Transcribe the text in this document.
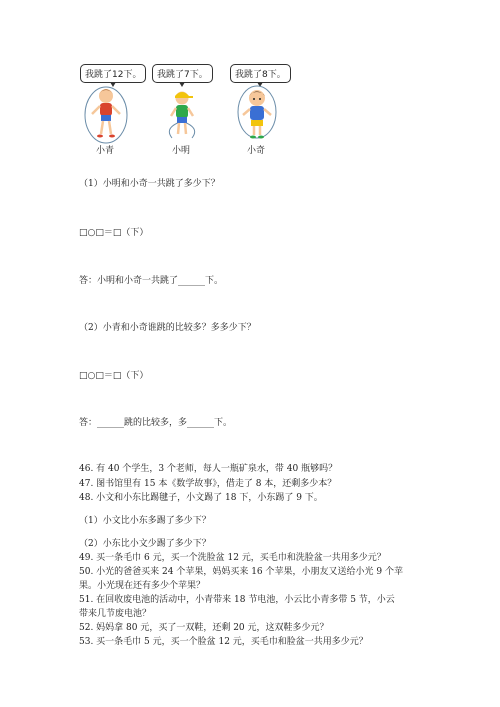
我跳了12下。	我跳了7下。	我跳了8下。
小青	小明	小奇
（1）小明和小奇一共跳了多少下？
□○□＝□（下）
答：小明和小奇一共跳了______下。
（2）小青和小奇谁跳的比较多？多多少下？
□○□＝□（下）
答：______跳的比较多，多______下。
46. 有 40 个学生，3 个老师，每人一瓶矿泉水，带 40 瓶够吗？
47. 图书馆里有 15 本《数学故事》，借走了 8 本，还剩多少本？
48. 小文和小东比踢毽子，小文踢了 18 下，小东踢了 9 下。
（1）小文比小东多踢了多少下？
（2）小东比小文少踢了多少下？
49. 买一条毛巾 6 元，买一个洗脸盆 12 元，买毛巾和洗脸盆一共用多少元？
50. 小光的爸爸买来 24 个苹果，妈妈买来 16 个苹果，小朋友又送给小光 9 个苹
果。小光现在还有多少个苹果？
51. 在回收废电池的活动中，小青带来 18 节电池，小云比小青多带 5 节，小云
带来几节废电池？
52. 妈妈拿 80 元，买了一双鞋，还剩 20 元，这双鞋多少元？
53. 买一条毛巾 5 元，买一个脸盆 12 元，买毛巾和脸盆一共用多少元？
